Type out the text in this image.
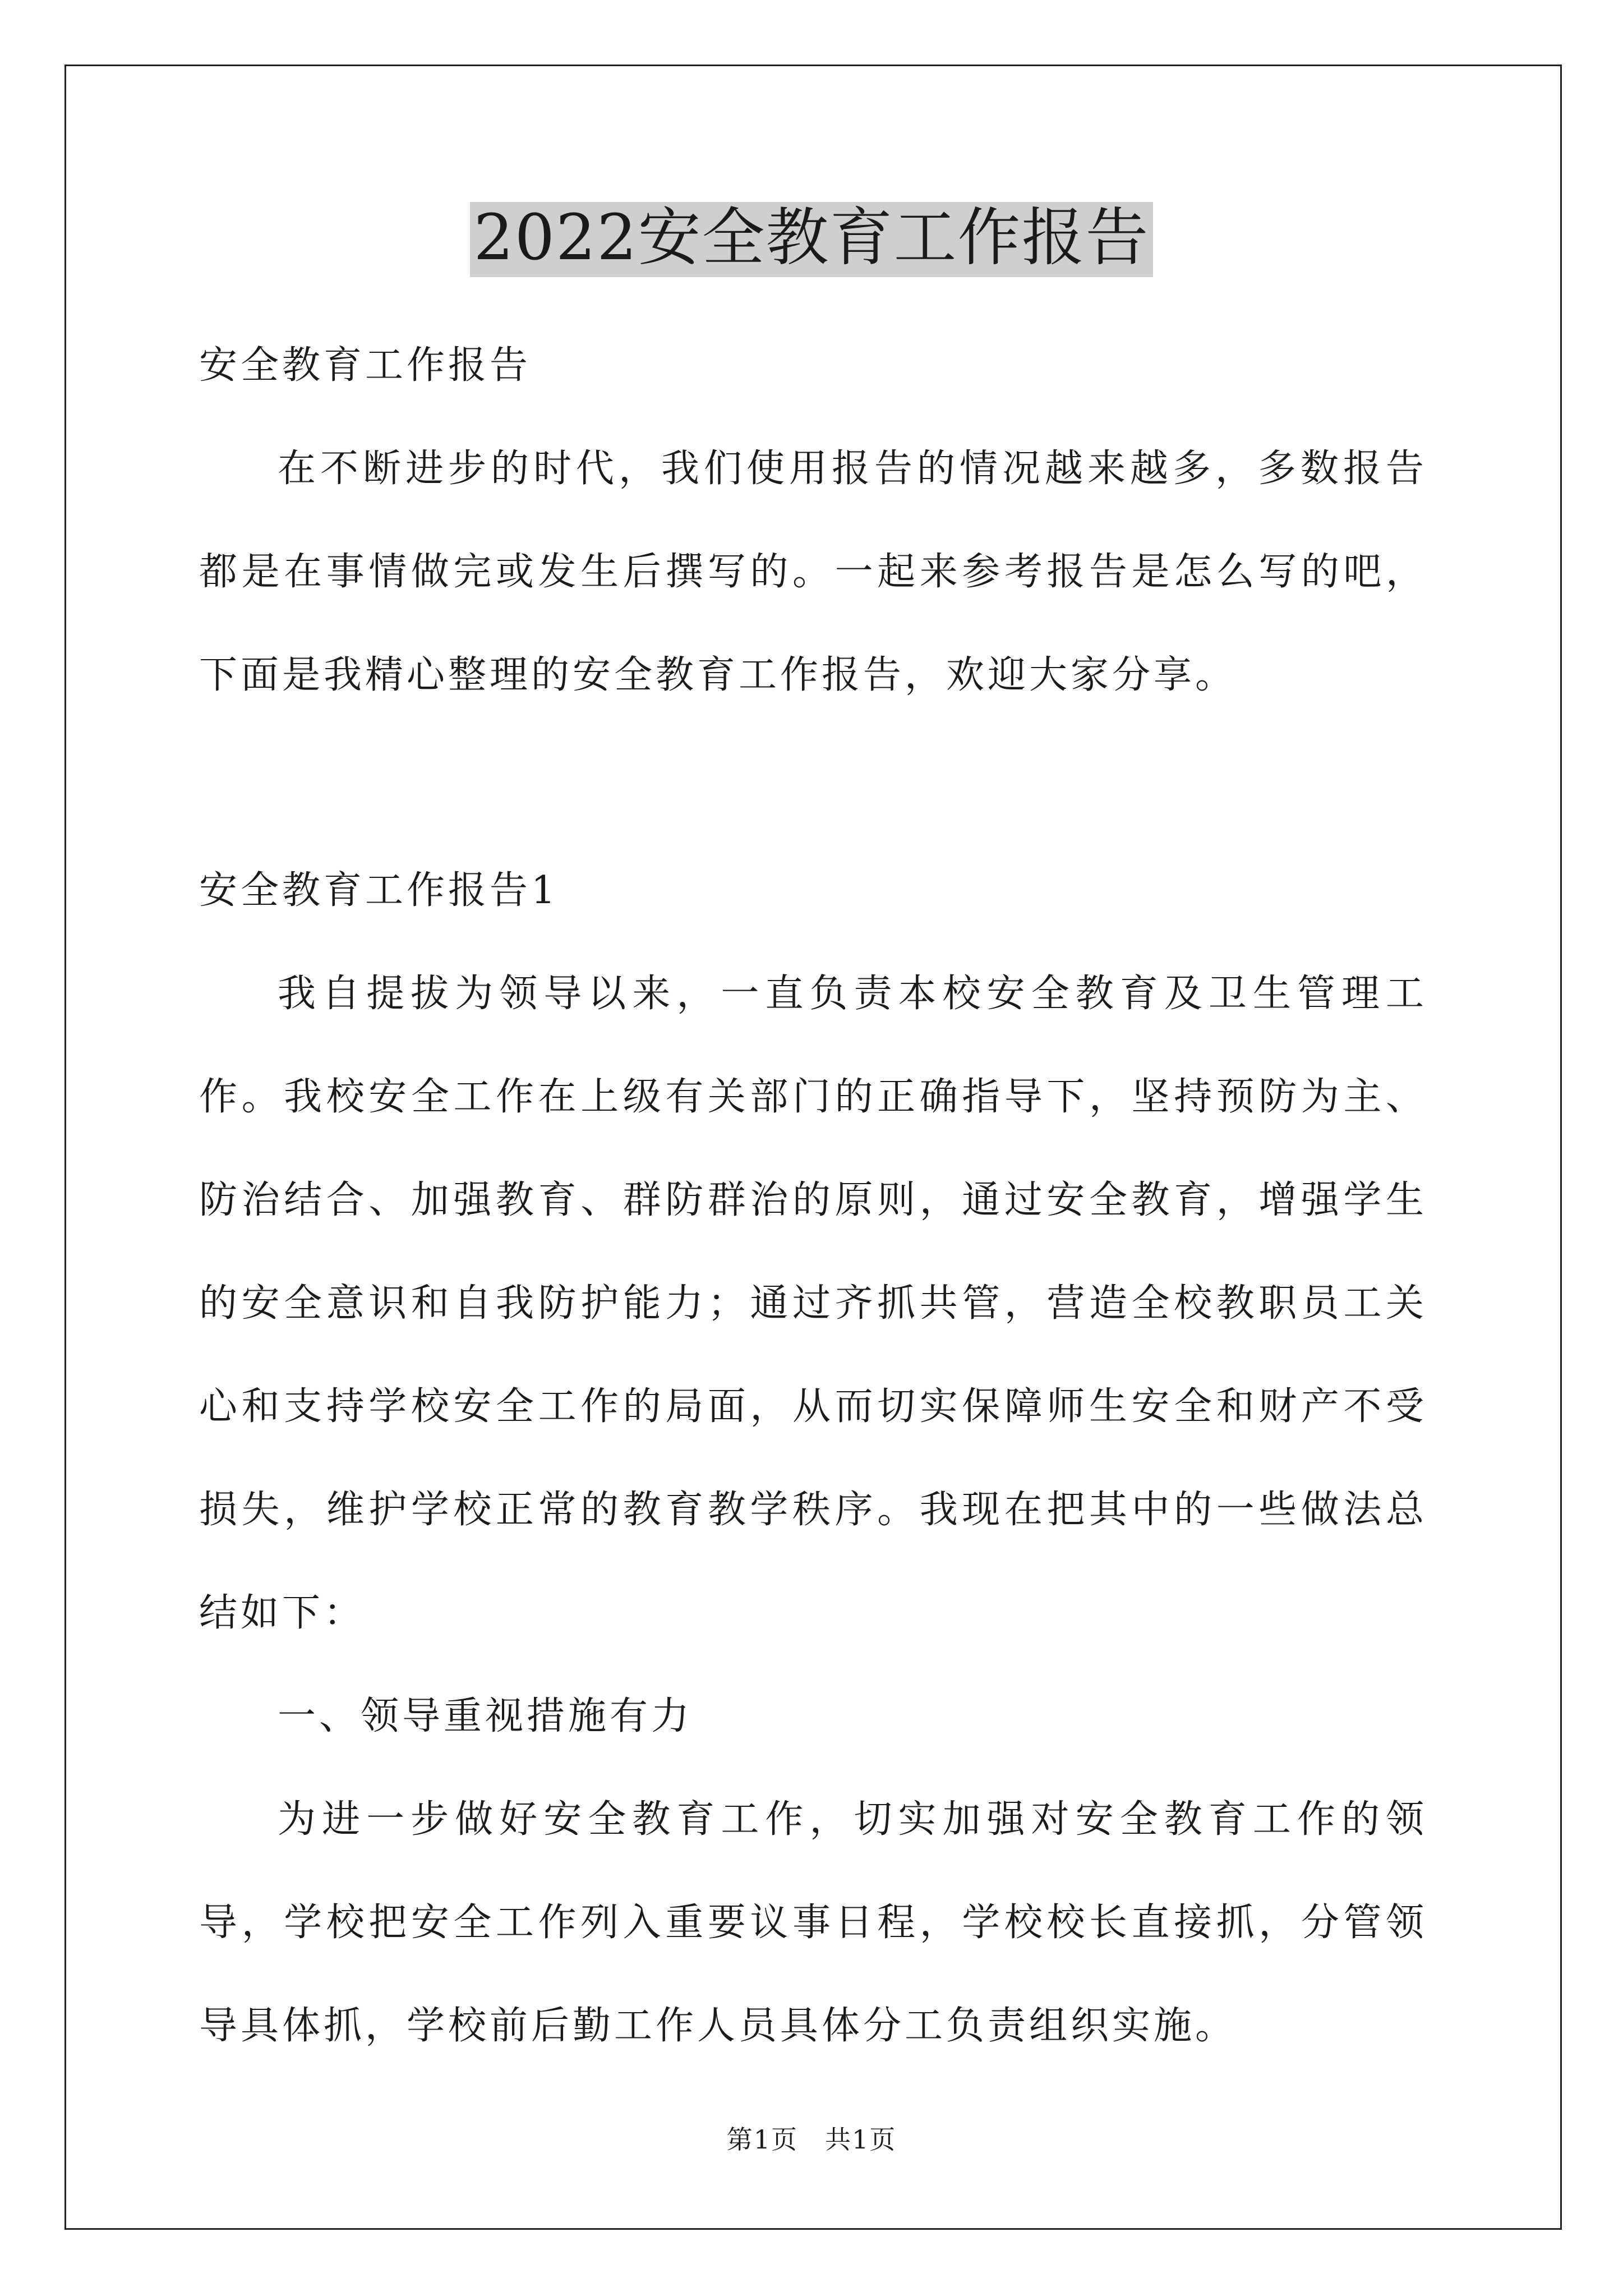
2022安全教育工作报告

安全教育工作报告

在不断进步的时代，我们使用报告的情况越来越多，多数报告都是在事情做完或发生后撰写的。一起来参考报告是怎么写的吧，下面是我精心整理的安全教育工作报告，欢迎大家分享。

安全教育工作报告1

我自提拔为领导以来，一直负责本校安全教育及卫生管理工作。我校安全工作在上级有关部门的正确指导下，坚持预防为主、防治结合、加强教育、群防群治的原则，通过安全教育，增强学生的安全意识和自我防护能力；通过齐抓共管，营造全校教职员工关心和支持学校安全工作的局面，从而切实保障师生安全和财产不受损失，维护学校正常的教育教学秩序。我现在把其中的一些做法总结如下：

一、领导重视措施有力

为进一步做好安全教育工作，切实加强对安全教育工作的领导，学校把安全工作列入重要议事日程，学校校长直接抓，分管领导具体抓，学校前后勤工作人员具体分工负责组织实施。

第1页　共1页
